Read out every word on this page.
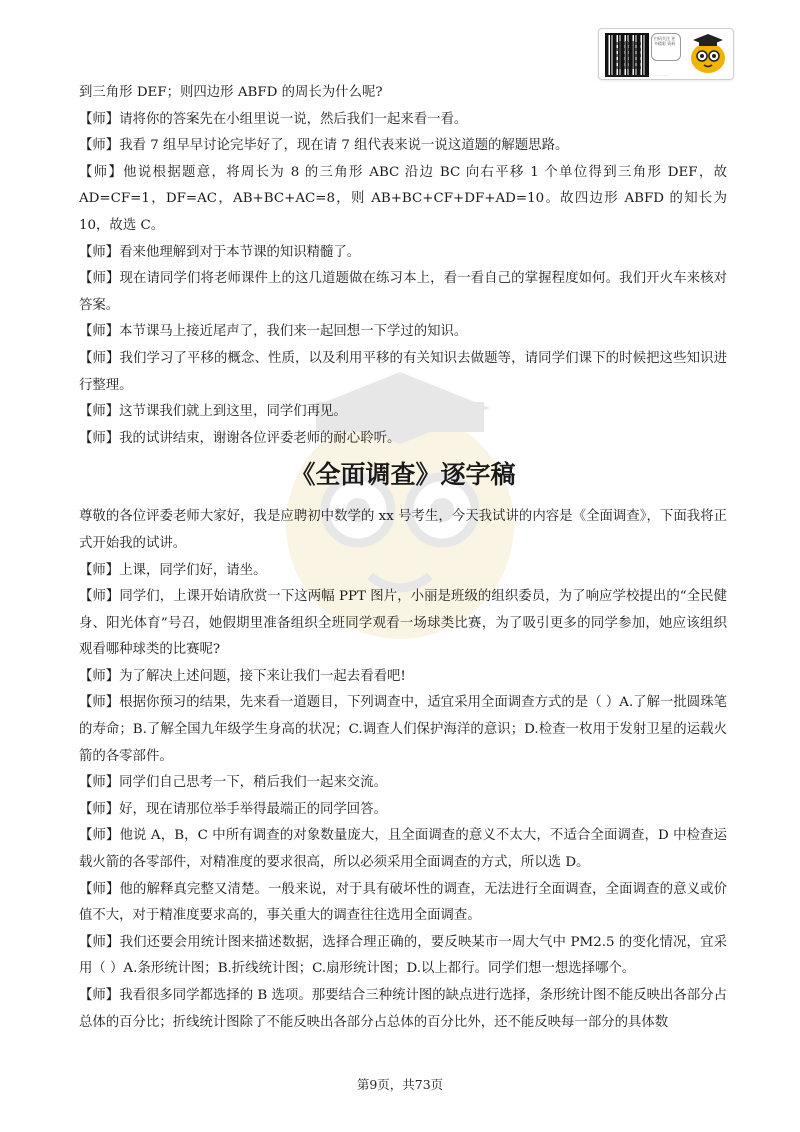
扫码关注 更多精彩 资料
……………………………………………………

到三角形 DEF；则四边形 ABFD 的周长为什么呢?

【师】请将你的答案先在小组里说一说，然后我们一起来看一看。

【师】我看 7 组早早讨论完毕好了，现在请 7 组代表来说一说这道题的解题思路。

【师】他说根据题意，将周长为 8 的三角形 ABC 沿边 BC 向右平移 1 个单位得到三角形 DEF，故 AD=CF=1，DF=AC，AB+BC+AC=8，则 AB+BC+CF+DF+AD=10。故四边形 ABFD 的知长为 10，故选 C。

【师】看来他理解到对于本节课的知识精髓了。

【师】现在请同学们将老师课件上的这几道题做在练习本上，看一看自己的掌握程度如何。我们开火车来核对答案。

【师】本节课马上接近尾声了，我们来一起回想一下学过的知识。

【师】我们学习了平移的概念、性质，以及利用平移的有关知识去做题等，请同学们课下的时候把这些知识进行整理。

【师】这节课我们就上到这里，同学们再见。

【师】我的试讲结束，谢谢各位评委老师的耐心聆听。

《全面调查》逐字稿

尊敬的各位评委老师大家好，我是应聘初中数学的 xx 号考生，今天我试讲的内容是《全面调查》，下面我将正式开始我的试讲。

【师】上课，同学们好，请坐。

【师】同学们，上课开始请欣赏一下这两幅 PPT 图片，小丽是班级的组织委员，为了响应学校提出的“全民健身、阳光体育”号召，她假期里准备组织全班同学观看一场球类比赛，为了吸引更多的同学参加，她应该组织观看哪种球类的比赛呢?

【师】为了解决上述问题，接下来让我们一起去看看吧!

【师】根据你预习的结果，先来看一道题目，下列调查中，适宜采用全面调查方式的是（ ）A.了解一批圆珠笔的寿命；B.了解全国九年级学生身高的状况；C.调查人们保护海洋的意识；D.检查一枚用于发射卫星的运载火箭的各零部件。

【师】同学们自己思考一下，稍后我们一起来交流。

【师】好，现在请那位举手举得最端正的同学回答。

【师】他说 A，B，C 中所有调查的对象数量庞大，且全面调查的意义不太大，不适合全面调查，D 中检查运载火箭的各零部件，对精准度的要求很高，所以必须采用全面调查的方式，所以选 D。

【师】他的解释真完整又清楚。一般来说，对于具有破坏性的调查，无法进行全面调查，全面调查的意义或价值不大，对于精准度要求高的，事关重大的调查往往选用全面调查。

【师】我们还要会用统计图来描述数据，选择合理正确的，要反映某市一周大气中 PM2.5 的变化情况，宜采用（ ）A.条形统计图；B.折线统计图；C.扇形统计图；D.以上都行。同学们想一想选择哪个。

【师】我看很多同学都选择的 B 选项。那要结合三种统计图的缺点进行选择，条形统计图不能反映出各部分占总体的百分比；折线统计图除了不能反映出各部分占总体的百分比外，还不能反映每一部分的具体数

第9页，共73页
